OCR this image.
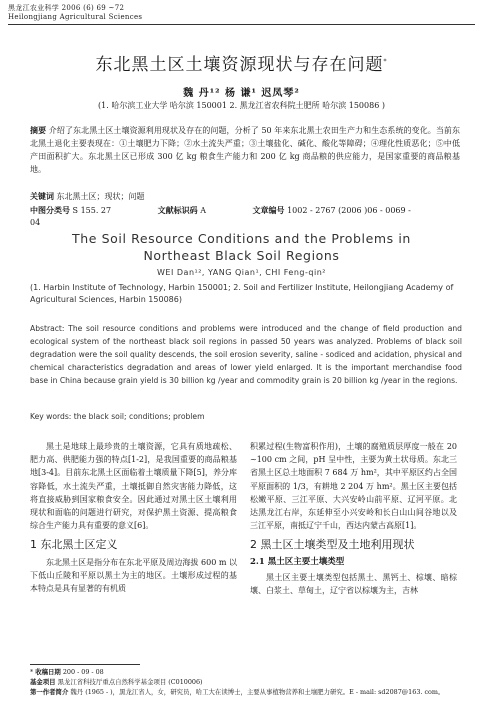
黑龙江农业科学 2006 (6) 69 ~72
Heilongjiang Agricultural Sciences
东北黑土区土壤资源现状与存在问题*
魏 丹¹² 杨 谦¹ 迟凤琴²
(1. 哈尔滨工业大学 哈尔滨 150001 2. 黑龙江省农科院土肥所 哈尔滨 150086 )
摘要 介绍了东北黑土区土壤资源利用现状及存在的问题，分析了 50 年来东北黑土农田生产力和生态系统的变化。当前东北黑土退化主要表现在：①土壤肥力下降；②水土流失严重；③土壤盐化、碱化、酸化等障碍；④理化性质恶化；⑤中低产田面积扩大。东北黑土区已形成 300 亿 kg 粮食生产能力和 200 亿 kg 商品粮的供应能力，是国家重要的商品粮基地。
关键词 东北黑土区；现状；问题
中图分类号 S 155. 27	文献标识码 A	文章编号 1002 - 2767 (2006 )06 - 0069 - 04
The Soil Resource Conditions and the Problems in Northeast Black Soil Regions
WEI Dan¹², YANG Qian¹, CHI Feng-qin²
(1. Harbin Institute of Technology, Harbin 150001; 2. Soil and Fertilizer Institute, Heilongjiang Academy of Agricultural Sciences, Harbin 150086)
Abstract: The soil resource conditions and problems were introduced and the change of field production and ecological system of the northeast black soil regions in passed 50 years was analyzed. Problems of black soil degradation were the soil quality descends, the soil erosion severity, saline - sodiced and acidation, physical and chemical characteristics degradation and areas of lower yield enlarged. It is the important merchandise food base in China because grain yield is 30 billion kg /year and commodity grain is 20 billion kg /year in the regions.
Key words: the black soil; conditions; problem

黑土是地球上最珍贵的土壤资源，它具有质地疏松、肥力高、供肥能力强的特点[1-2]，是我国重要的商品粮基地[3-4]。目前东北黑土区面临着土壤质量下降[5]，养分库容降低，水土流失严重，土壤抵御自然灾害能力降低，这将直接威胁到国家粮食安全。因此通过对黑土区土壤利用现状和面临的问题进行研究，对保护黑土资源、提高粮食综合生产能力具有重要的意义[6]。

1 东北黑土区定义

东北黑土区是指分布在东北平原及周边海拔 600 m 以下低山丘陵和平原以黑土为主的地区。土壤形成过程的基本特点是具有显著的有机质

积累过程(生物富积作用)，土壤的腐殖质层厚度一般在 20 ~100 cm 之间，pH 呈中性，主要为黄土状母质。东北三省黑土区总土地面积 7 684 万 hm²，其中平原区约占全国平原面积的 1/3，有耕地 2 204 万 hm²。黑土区主要包括松嫩平原、三江平原、大兴安岭山前平原、辽河平原。北达黑龙江右岸，东延伸至小兴安岭和长白山山间谷地以及三江平原，南抵辽宁千山，西达内蒙古高原[1]。

2 黑土区土壤类型及土地利用现状
2.1 黑土区主要土壤类型

黑土区主要土壤类型包括黑土、黑钙土、棕壤、暗棕壤、白浆土、草甸土，辽宁省以棕壤为主，吉林

* 收稿日期 200 - 09 - 08
基金项目 黑龙江省科技厅重点自然科学基金项目 (C010006)
第一作者简介 魏丹 (1965 - )，黑龙江省人，女，研究员，哈工大在读博士，主要从事植物营养和土壤肥力研究。E - mail: sd2087@163. com。
